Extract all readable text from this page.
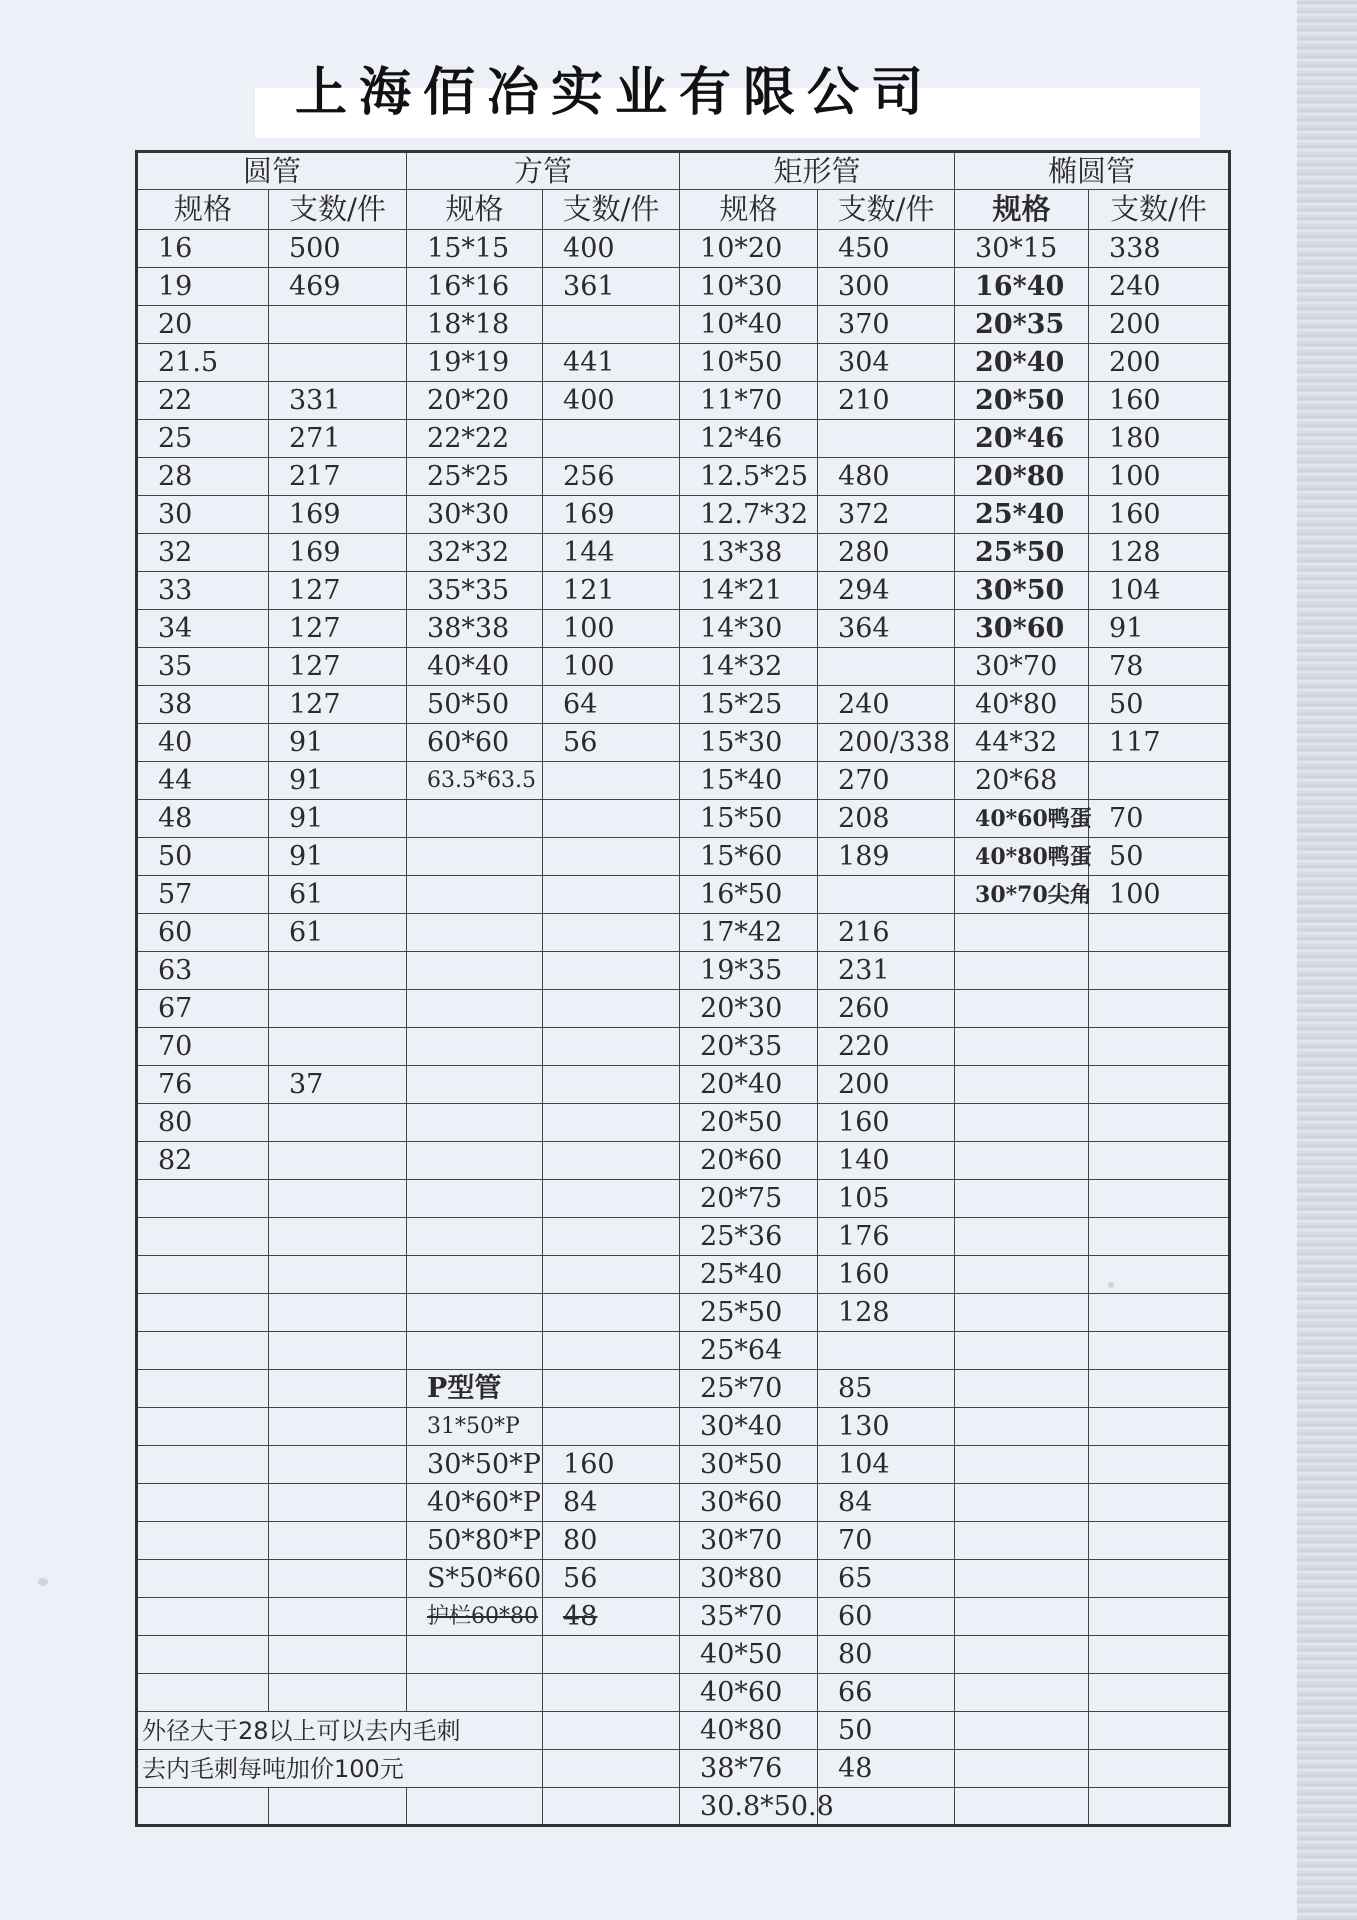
上海佰冶实业有限公司
圆管		方管		矩形管		椭圆管	
规格	支数/件	规格	支数/件	规格	支数/件	规格	支数/件
16	500	15*15	400	10*20	450	30*15	338
19	469	16*16	361	10*30	300	16*40	240
20		18*18		10*40	370	20*35	200
21.5		19*19	441	10*50	304	20*40	200
22	331	20*20	400	11*70	210	20*50	160
25	271	22*22		12*46		20*46	180
28	217	25*25	256	12.5*25	480	20*80	100
30	169	30*30	169	12.7*32	372	25*40	160
32	169	32*32	144	13*38	280	25*50	128
33	127	35*35	121	14*21	294	30*50	104
34	127	38*38	100	14*30	364	30*60	91
35	127	40*40	100	14*32		30*70	78
38	127	50*50	64	15*25	240	40*80	50
40	91	60*60	56	15*30	200/338	44*32	117
44	91	63.5*63.5		15*40	270	20*68	
48	91			15*50	208	40*60鸭蛋	70
50	91			15*60	189	40*80鸭蛋	50
57	61			16*50		30*70尖角	100
60	61			17*42	216		
63				19*35	231		
67				20*30	260		
70				20*35	220		
76	37			20*40	200		
80				20*50	160		
82				20*60	140		
				20*75	105		
				25*36	176		
				25*40	160		
				25*50	128		
				25*64			
		P型管		25*70	85		
		31*50*P		30*40	130		
		30*50*P	160	30*50	104		
		40*60*P	84	30*60	84		
		50*80*P	80	30*70	70		
		S*50*60	56	30*80	65		
		护栏60*80	48	35*70	60		
				40*50	80		
				40*60	66		
外径大于28以上可以去内毛刺				40*80	50		
去内毛刺每吨加价100元				38*76	48		
				30.8*50.8			
